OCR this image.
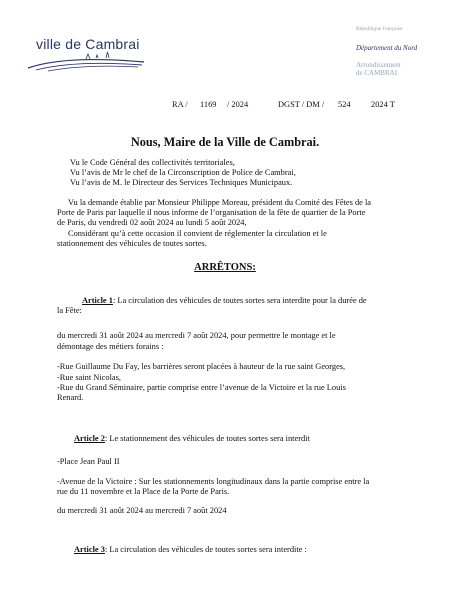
ville de Cambrai
République française
Département du Nord
Arrondissement
de CAMBRAI
RA / 1169 / 2024	DGST / DM / 524 2024 T
Nous, Maire de la Ville de Cambrai.
Vu le Code Général des collectivités territoriales,
Vu l’avis de Mr le chef de la Circonscription de Police de Cambrai,
Vu l’avis de M. le Directeur des Services Techniques Municipaux.
Vu la demande établie par Monsieur Philippe Moreau, président du Comité des Fêtes de la
Porte de Paris par laquelle il nous informe de l’organisation de la fête de quartier de la Porte
de Paris, du vendredi 02 août 2024 au lundi 5 août 2024,
Considérant qu’à cette occasion il convient de réglementer la circulation et le
stationnement des véhicules de toutes sortes.
ARRÊTONS:
Article 1: La circulation des véhicules de toutes sortes sera interdite pour la durée de
la Fête:
du mercredi 31 août 2024 au mercredi 7 août 2024, pour permettre le montage et le
démontage des métiers forains :
-Rue Guillaume Du Fay, les barrières seront placées à hauteur de la rue saint Georges,
-Rue saint Nicolas,
-Rue du Grand Séminaire, partie comprise entre l’avenue de la Victoire et la rue Louis
Renard.
Article 2: Le stationnement des véhicules de toutes sortes sera interdit
-Place Jean Paul II
-Avenue de la Victoire : Sur les stationnements longitudinaux dans la partie comprise entre la
rue du 11 novembre et la Place de la Porte de Paris.
du mercredi 31 août 2024 au mercredi 7 août 2024
Article 3: La circulation des véhicules de toutes sortes sera interdite :
